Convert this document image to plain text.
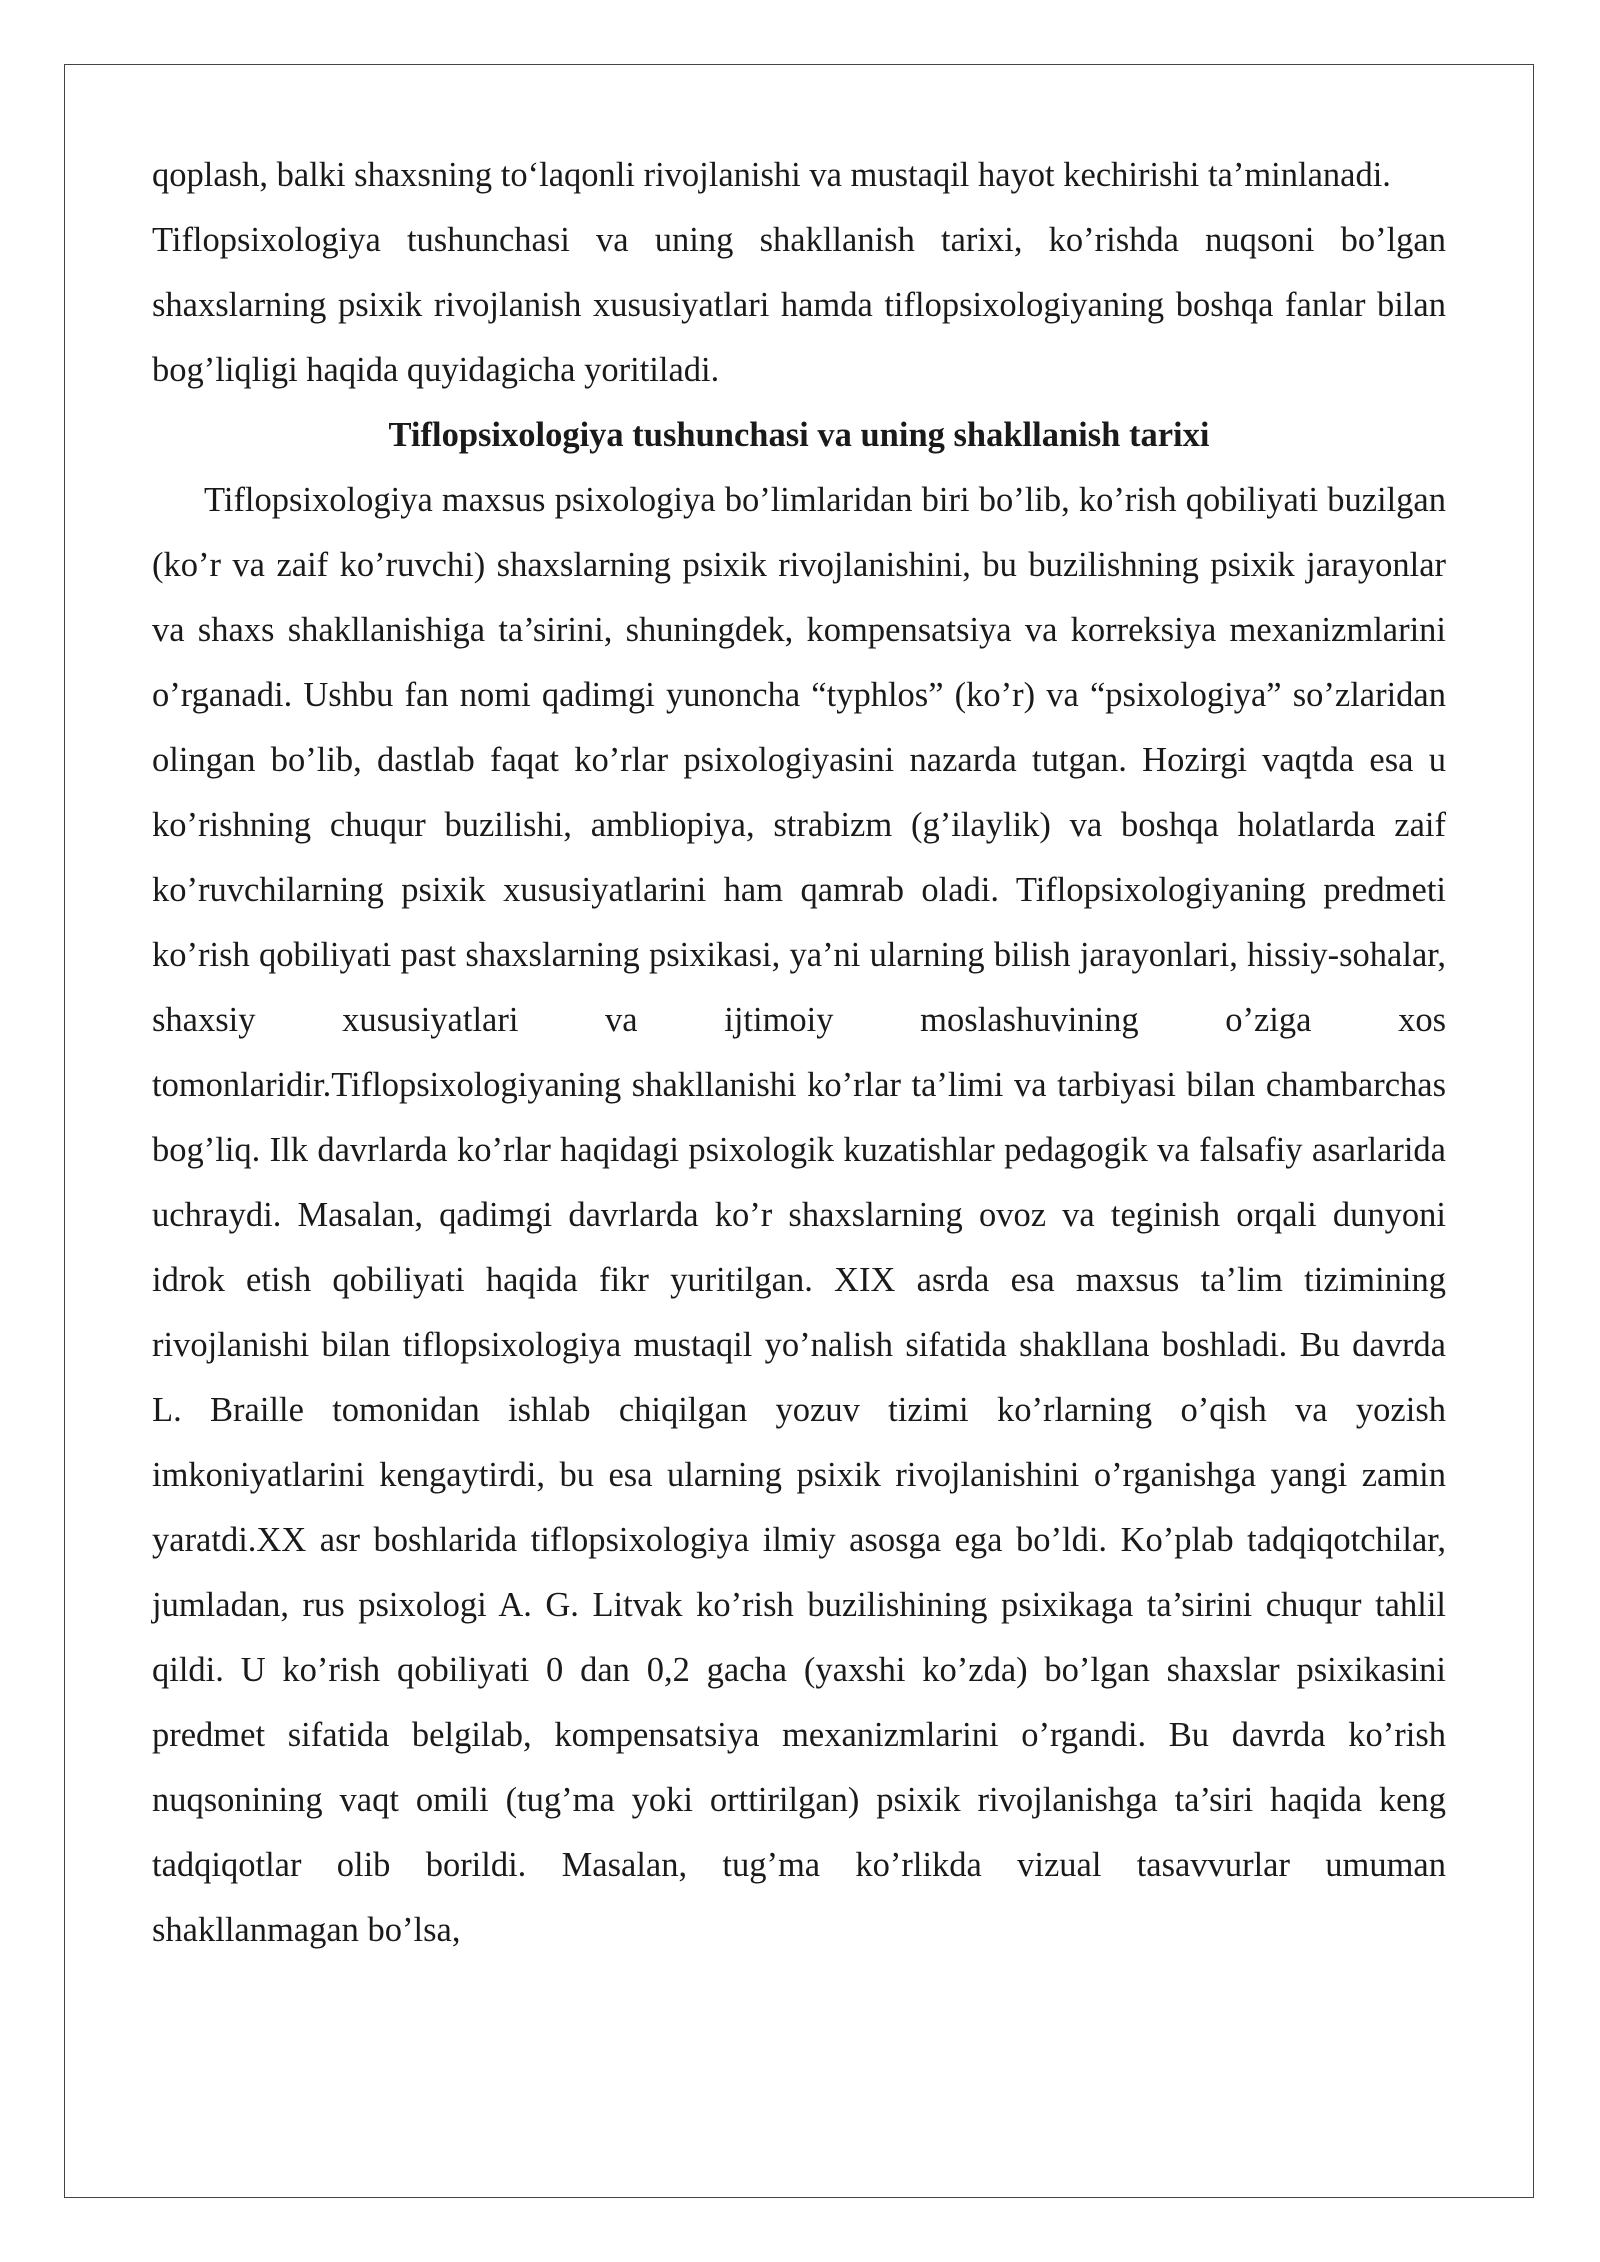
qoplash, balki shaxsning to‘laqonli rivojlanishi va mustaqil hayot kechirishi ta’minlanadi.

Tiflopsixologiya tushunchasi va uning shakllanish tarixi, ko’rishda nuqsoni bo’lgan shaxslarning psixik rivojlanish xususiyatlari hamda tiflopsixologiyaning boshqa fanlar bilan bog’liqligi haqida quyidagicha yoritiladi.

Tiflopsixologiya tushunchasi va uning shakllanish tarixi

Tiflopsixologiya maxsus psixologiya bo’limlaridan biri bo’lib, ko’rish qobiliyati buzilgan (ko’r va zaif ko’ruvchi) shaxslarning psixik rivojlanishini, bu buzilishning psixik jarayonlar va shaxs shakllanishiga ta’sirini, shuningdek, kompensatsiya va korreksiya mexanizmlarini o’rganadi. Ushbu fan nomi qadimgi yunoncha “typhlos” (ko’r) va “psixologiya” so’zlaridan olingan bo’lib, dastlab faqat ko’rlar psixologiyasini nazarda tutgan. Hozirgi vaqtda esa u ko’rishning chuqur buzilishi, ambliopiya, strabizm (g’ilaylik) va boshqa holatlarda zaif ko’ruvchilarning psixik xususiyatlarini ham qamrab oladi. Tiflopsixologiyaning predmeti ko’rish qobiliyati past shaxslarning psixikasi, ya’ni ularning bilish jarayonlari, hissiy-sohalar, shaxsiy xususiyatlari va ijtimoiy moslashuvining o’ziga xos tomonlaridir.Tiflopsixologiyaning shakllanishi ko’rlar ta’limi va tarbiyasi bilan chambarchas bog’liq. Ilk davrlarda ko’rlar haqidagi psixologik kuzatishlar pedagogik va falsafiy asarlarida uchraydi. Masalan, qadimgi davrlarda ko’r shaxslarning ovoz va teginish orqali dunyoni idrok etish qobiliyati haqida fikr yuritilgan. XIX asrda esa maxsus ta’lim tizimining rivojlanishi bilan tiflopsixologiya mustaqil yo’nalish sifatida shakllana boshladi. Bu davrda L. Braille tomonidan ishlab chiqilgan yozuv tizimi ko’rlarning o’qish va yozish imkoniyatlarini kengaytirdi, bu esa ularning psixik rivojlanishini o’rganishga yangi zamin yaratdi.XX asr boshlarida tiflopsixologiya ilmiy asosga ega bo’ldi. Ko’plab tadqiqotchilar, jumladan, rus psixologi A. G. Litvak ko’rish buzilishining psixikaga ta’sirini chuqur tahlil qildi. U ko’rish qobiliyati 0 dan 0,2 gacha (yaxshi ko’zda) bo’lgan shaxslar psixikasini predmet sifatida belgilab, kompensatsiya mexanizmlarini o’rgandi. Bu davrda ko’rish nuqsonining vaqt omili (tug’ma yoki orttirilgan) psixik rivojlanishga ta’siri haqida keng tadqiqotlar olib borildi. Masalan, tug’ma ko’rlikda vizual tasavvurlar umuman shakllanmagan bo’lsa,
